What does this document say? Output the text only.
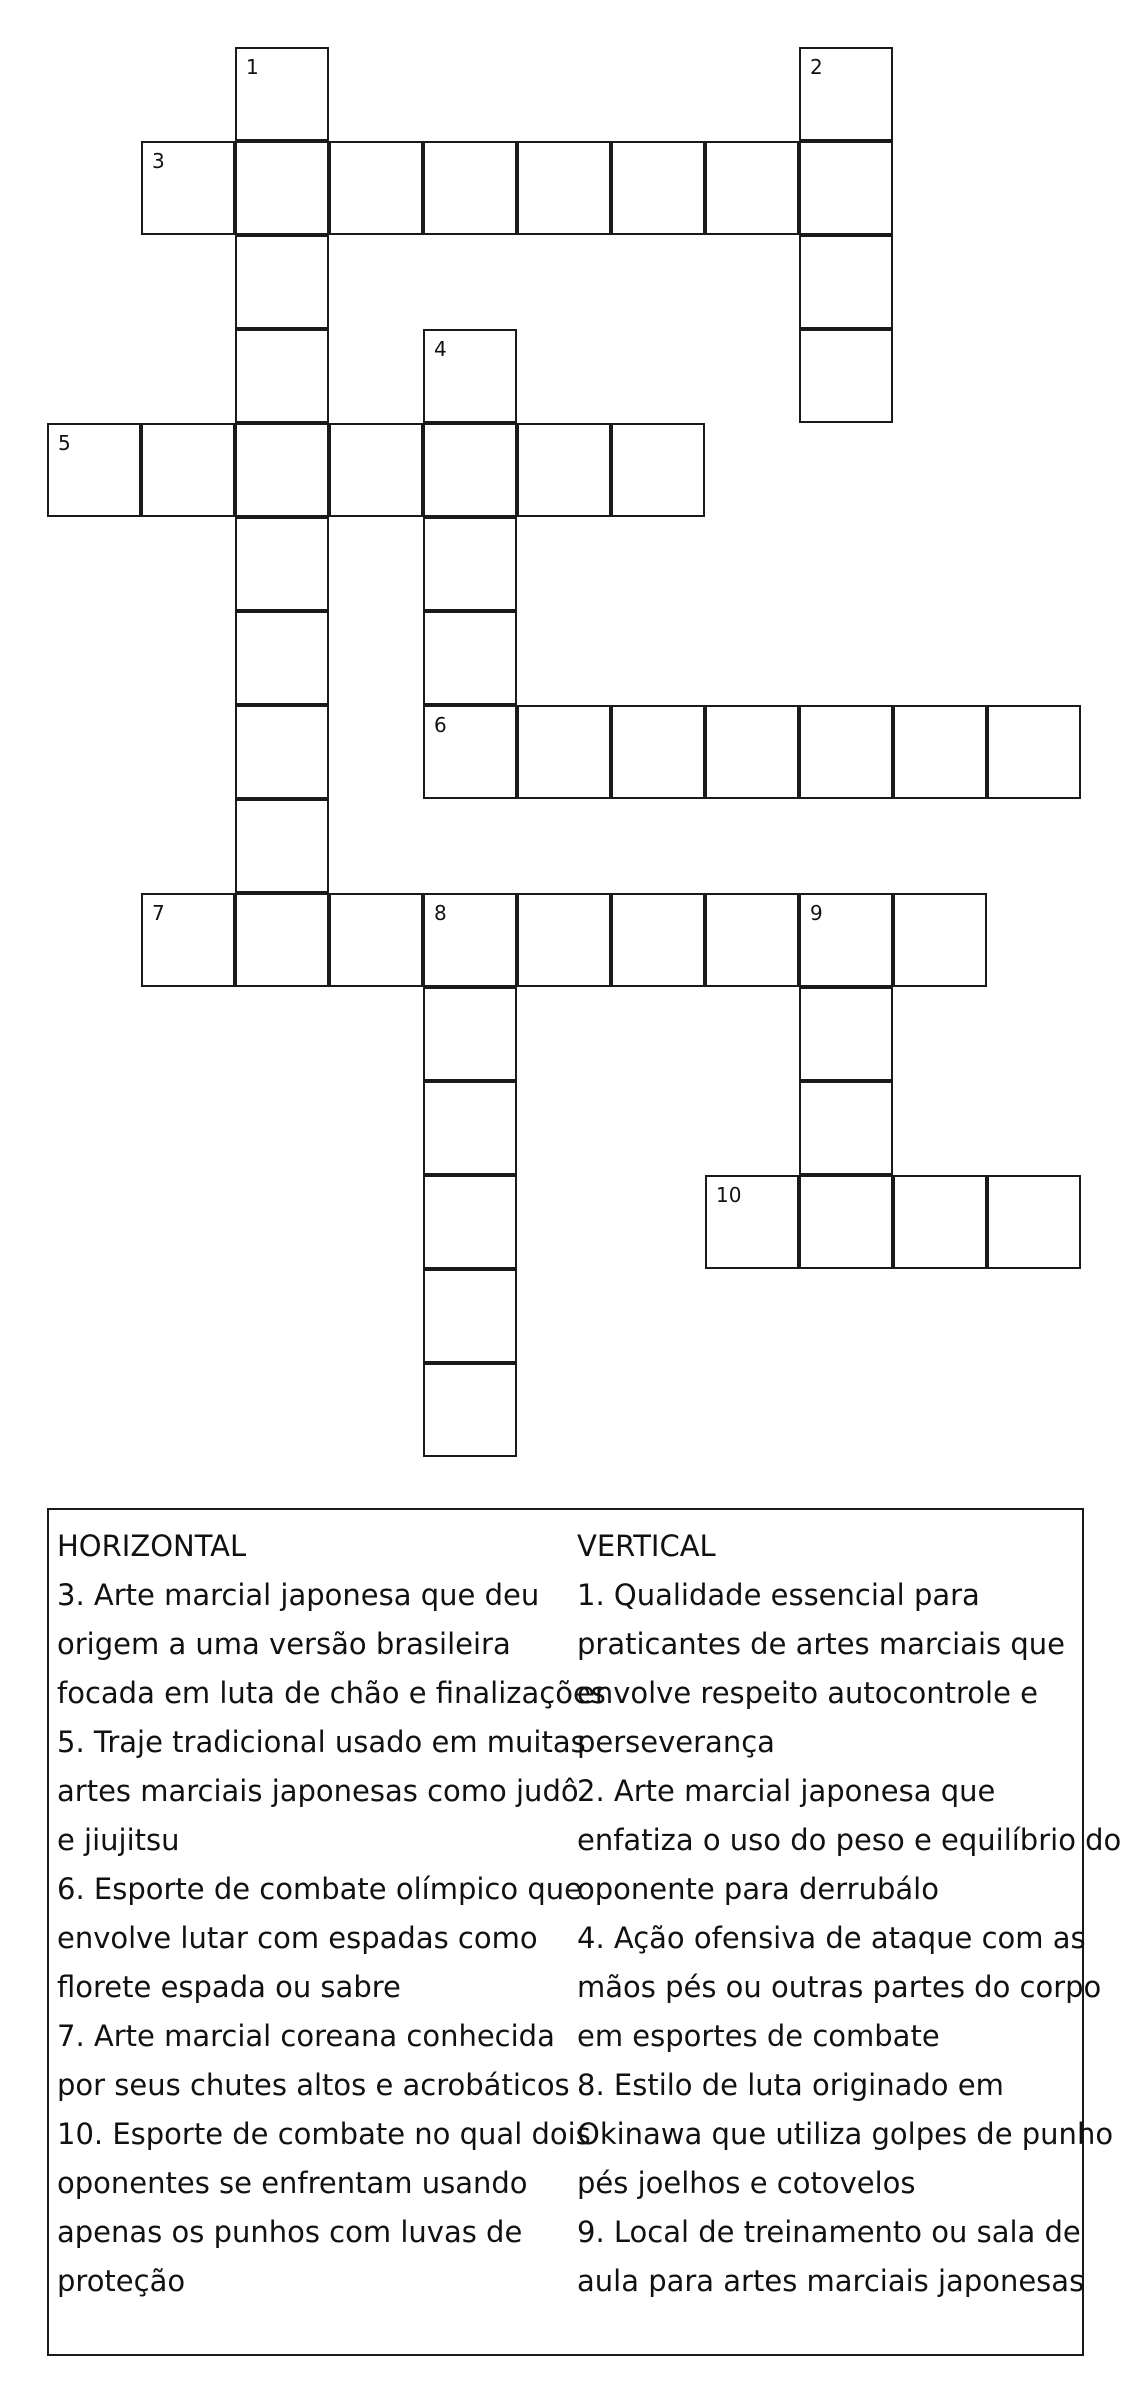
1	2
3
4
5
6
7	8	9
10
HORIZONTAL
3. Arte marcial japonesa que deu
origem a uma versão brasileira
focada em luta de chão e finalizações
5. Traje tradicional usado em muitas
artes marciais japonesas como judô
e jiujitsu
6. Esporte de combate olímpico que
envolve lutar com espadas como
florete espada ou sabre
7. Arte marcial coreana conhecida
por seus chutes altos e acrobáticos
10. Esporte de combate no qual dois
oponentes se enfrentam usando
apenas os punhos com luvas de
proteção
VERTICAL
1. Qualidade essencial para
praticantes de artes marciais que
envolve respeito autocontrole e
perseverança
2. Arte marcial japonesa que
enfatiza o uso do peso e equilíbrio do
oponente para derrubálo
4. Ação ofensiva de ataque com as
mãos pés ou outras partes do corpo
em esportes de combate
8. Estilo de luta originado em
Okinawa que utiliza golpes de punho
pés joelhos e cotovelos
9. Local de treinamento ou sala de
aula para artes marciais japonesas
